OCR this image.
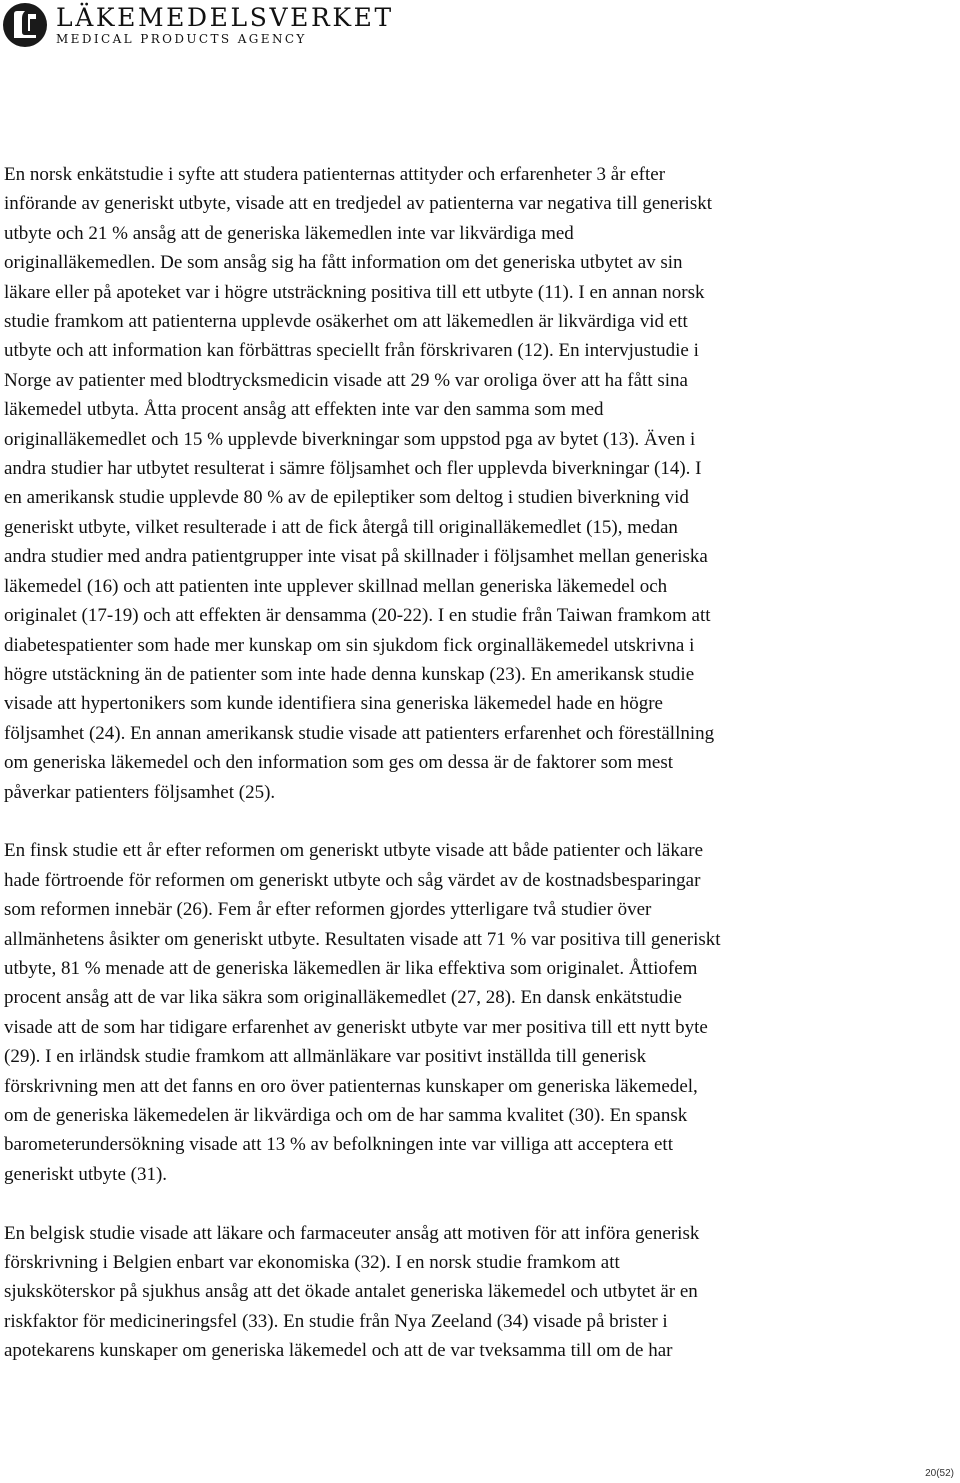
LÄKEMEDELSVERKET
MEDICAL PRODUCTS AGENCY
En norsk enkätstudie i syfte att studera patienternas attityder och erfarenheter 3 år efter
införande av generiskt utbyte, visade att en tredjedel av patienterna var negativa till generiskt
utbyte och 21 % ansåg att de generiska läkemedlen inte var likvärdiga med
originalläkemedlen. De som ansåg sig ha fått information om det generiska utbytet av sin
läkare eller på apoteket var i högre utsträckning positiva till ett utbyte (11). I en annan norsk
studie framkom att patienterna upplevde osäkerhet om att läkemedlen är likvärdiga vid ett
utbyte och att information kan förbättras speciellt från förskrivaren (12). En intervjustudie i
Norge av patienter med blodtrycksmedicin visade att 29 % var oroliga över att ha fått sina
läkemedel utbyta. Åtta procent ansåg att effekten inte var den samma som med
originalläkemedlet och 15 % upplevde biverkningar som uppstod pga av bytet (13). Även i
andra studier har utbytet resulterat i sämre följsamhet och fler upplevda biverkningar (14). I
en amerikansk studie upplevde 80 % av de epileptiker som deltog i studien biverkning vid
generiskt utbyte, vilket resulterade i att de fick återgå till originalläkemedlet (15), medan
andra studier med andra patientgrupper inte visat på skillnader i följsamhet mellan generiska
läkemedel (16) och att patienten inte upplever skillnad mellan generiska läkemedel och
originalet (17-19) och att effekten är densamma (20-22). I en studie från Taiwan framkom att
diabetespatienter som hade mer kunskap om sin sjukdom fick orginalläkemedel utskrivna i
högre utstäckning än de patienter som inte hade denna kunskap (23). En amerikansk studie
visade att hypertonikers som kunde identifiera sina generiska läkemedel hade en högre
följsamhet (24). En annan amerikansk studie visade att patienters erfarenhet och föreställning
om generiska läkemedel och den information som ges om dessa är de faktorer som mest
påverkar patienters följsamhet (25).
En finsk studie ett år efter reformen om generiskt utbyte visade att både patienter och läkare
hade förtroende för reformen om generiskt utbyte och såg värdet av de kostnadsbesparingar
som reformen innebär (26). Fem år efter reformen gjordes ytterligare två studier över
allmänhetens åsikter om generiskt utbyte. Resultaten visade att 71 % var positiva till generiskt
utbyte, 81 % menade att de generiska läkemedlen är lika effektiva som originalet. Åttiofem
procent ansåg att de var lika säkra som originalläkemedlet (27, 28). En dansk enkätstudie
visade att de som har tidigare erfarenhet av generiskt utbyte var mer positiva till ett nytt byte
(29). I en irländsk studie framkom att allmänläkare var positivt inställda till generisk
förskrivning men att det fanns en oro över patienternas kunskaper om generiska läkemedel,
om de generiska läkemedelen är likvärdiga och om de har samma kvalitet (30). En spansk
barometerundersökning visade att 13 % av befolkningen inte var villiga att acceptera ett
generiskt utbyte (31).
En belgisk studie visade att läkare och farmaceuter ansåg att motiven för att införa generisk
förskrivning i Belgien enbart var ekonomiska (32). I en norsk studie framkom att
sjuksköterskor på sjukhus ansåg att det ökade antalet generiska läkemedel och utbytet är en
riskfaktor för medicineringsfel (33). En studie från Nya Zeeland (34) visade på brister i
apotekarens kunskaper om generiska läkemedel och att de var tveksamma till om de har
20(52)
